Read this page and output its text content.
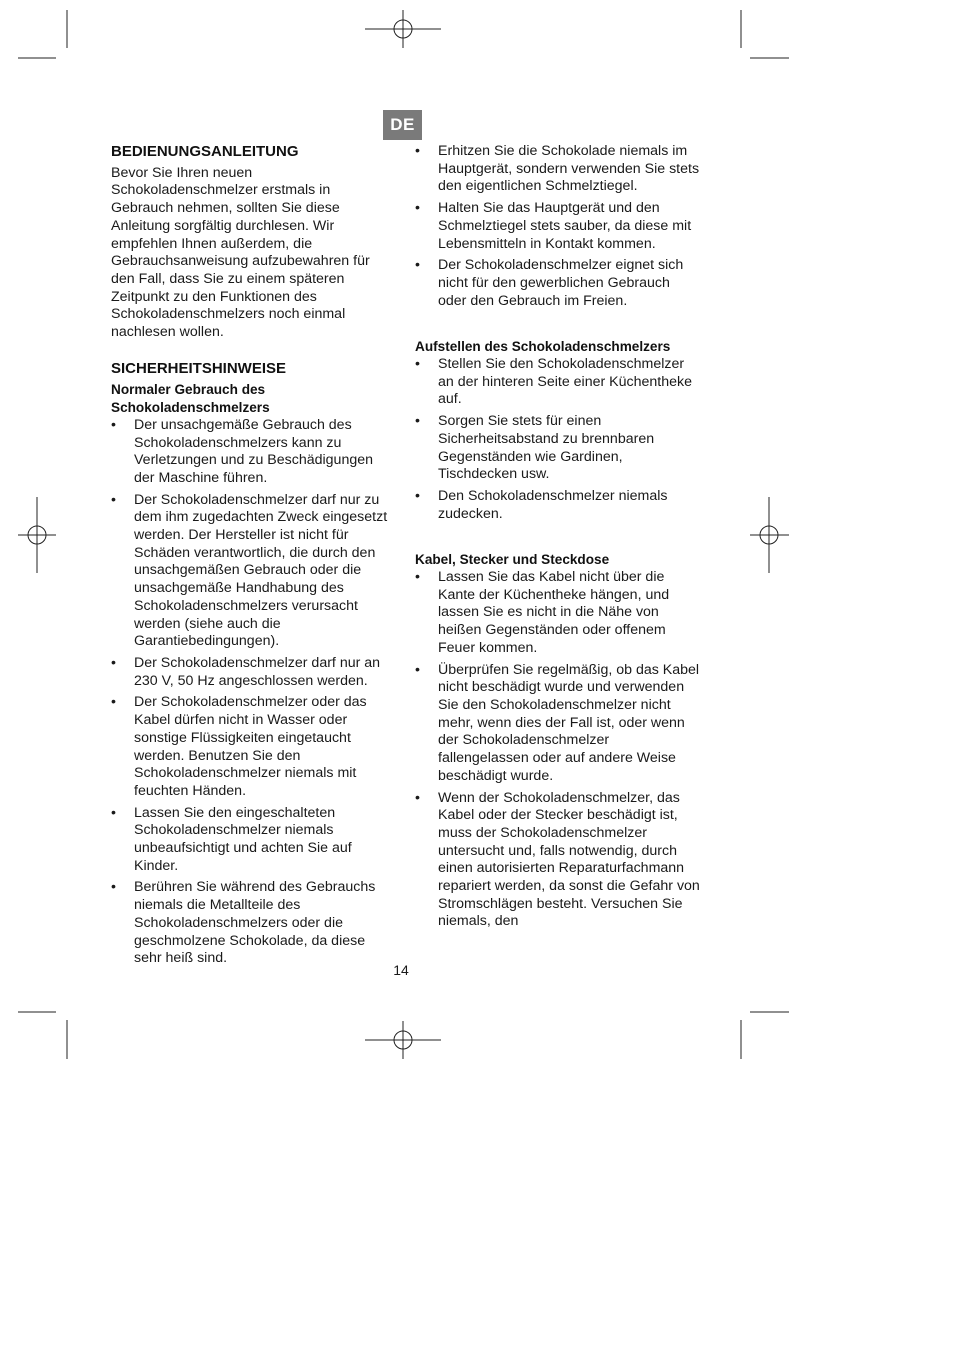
DE
BEDIENUNGSANLEITUNG

Bevor Sie Ihren neuen Schokoladenschmelzer erstmals in Gebrauch nehmen, sollten Sie diese Anleitung sorgfältig durchlesen. Wir empfehlen Ihnen außerdem, die Gebrauchsanweisung aufzubewahren für den Fall, dass Sie zu einem späteren Zeitpunkt zu den Funktionen des Schokoladenschmelzers noch einmal nachlesen wollen.

SICHERHEITSHINWEISE
Normaler Gebrauch des Schokoladenschmelzers
• Der unsachgemäße Gebrauch des Schokoladenschmelzers kann zu Verletzungen und zu Beschädigungen der Maschine führen.
• Der Schokoladenschmelzer darf nur zu dem ihm zugedachten Zweck eingesetzt werden. Der Hersteller ist nicht für Schäden verantwortlich, die durch den unsachgemäßen Gebrauch oder die unsachgemäße Handhabung des Schokoladenschmelzers verursacht werden (siehe auch die Garantiebedingungen).
• Der Schokoladenschmelzer darf nur an 230 V, 50 Hz angeschlossen werden.
• Der Schokoladenschmelzer oder das Kabel dürfen nicht in Wasser oder sonstige Flüssigkeiten eingetaucht werden. Benutzen Sie den Schokoladenschmelzer niemals mit feuchten Händen.
• Lassen Sie den eingeschalteten Schokoladenschmelzer niemals unbeaufsichtigt und achten Sie auf Kinder.
• Berühren Sie während des Gebrauchs niemals die Metallteile des Schokoladenschmelzers oder die geschmolzene Schokolade, da diese sehr heiß sind.
• Erhitzen Sie die Schokolade niemals im Hauptgerät, sondern verwenden Sie stets den eigentlichen Schmelztiegel.
• Halten Sie das Hauptgerät und den Schmelztiegel stets sauber, da diese mit Lebensmitteln in Kontakt kommen.
• Der Schokoladenschmelzer eignet sich nicht für den gewerblichen Gebrauch oder den Gebrauch im Freien.
Aufstellen des Schokoladenschmelzers
• Stellen Sie den Schokoladenschmelzer an der hinteren Seite einer Küchentheke auf.
• Sorgen Sie stets für einen Sicherheitsabstand zu brennbaren Gegenständen wie Gardinen, Tischdecken usw.
• Den Schokoladenschmelzer niemals zudecken.
Kabel, Stecker und Steckdose
• Lassen Sie das Kabel nicht über die Kante der Küchentheke hängen, und lassen Sie es nicht in die Nähe von heißen Gegenständen oder offenem Feuer kommen.
• Überprüfen Sie regelmäßig, ob das Kabel nicht beschädigt wurde und verwenden Sie den Schokoladenschmelzer nicht mehr, wenn dies der Fall ist, oder wenn der Schokoladenschmelzer fallengelassen oder auf andere Weise beschädigt wurde.
• Wenn der Schokoladenschmelzer, das Kabel oder der Stecker beschädigt ist, muss der Schokoladenschmelzer untersucht und, falls notwendig, durch einen autorisierten Reparaturfachmann repariert werden, da sonst die Gefahr von Stromschlägen besteht. Versuchen Sie niemals, den
14
